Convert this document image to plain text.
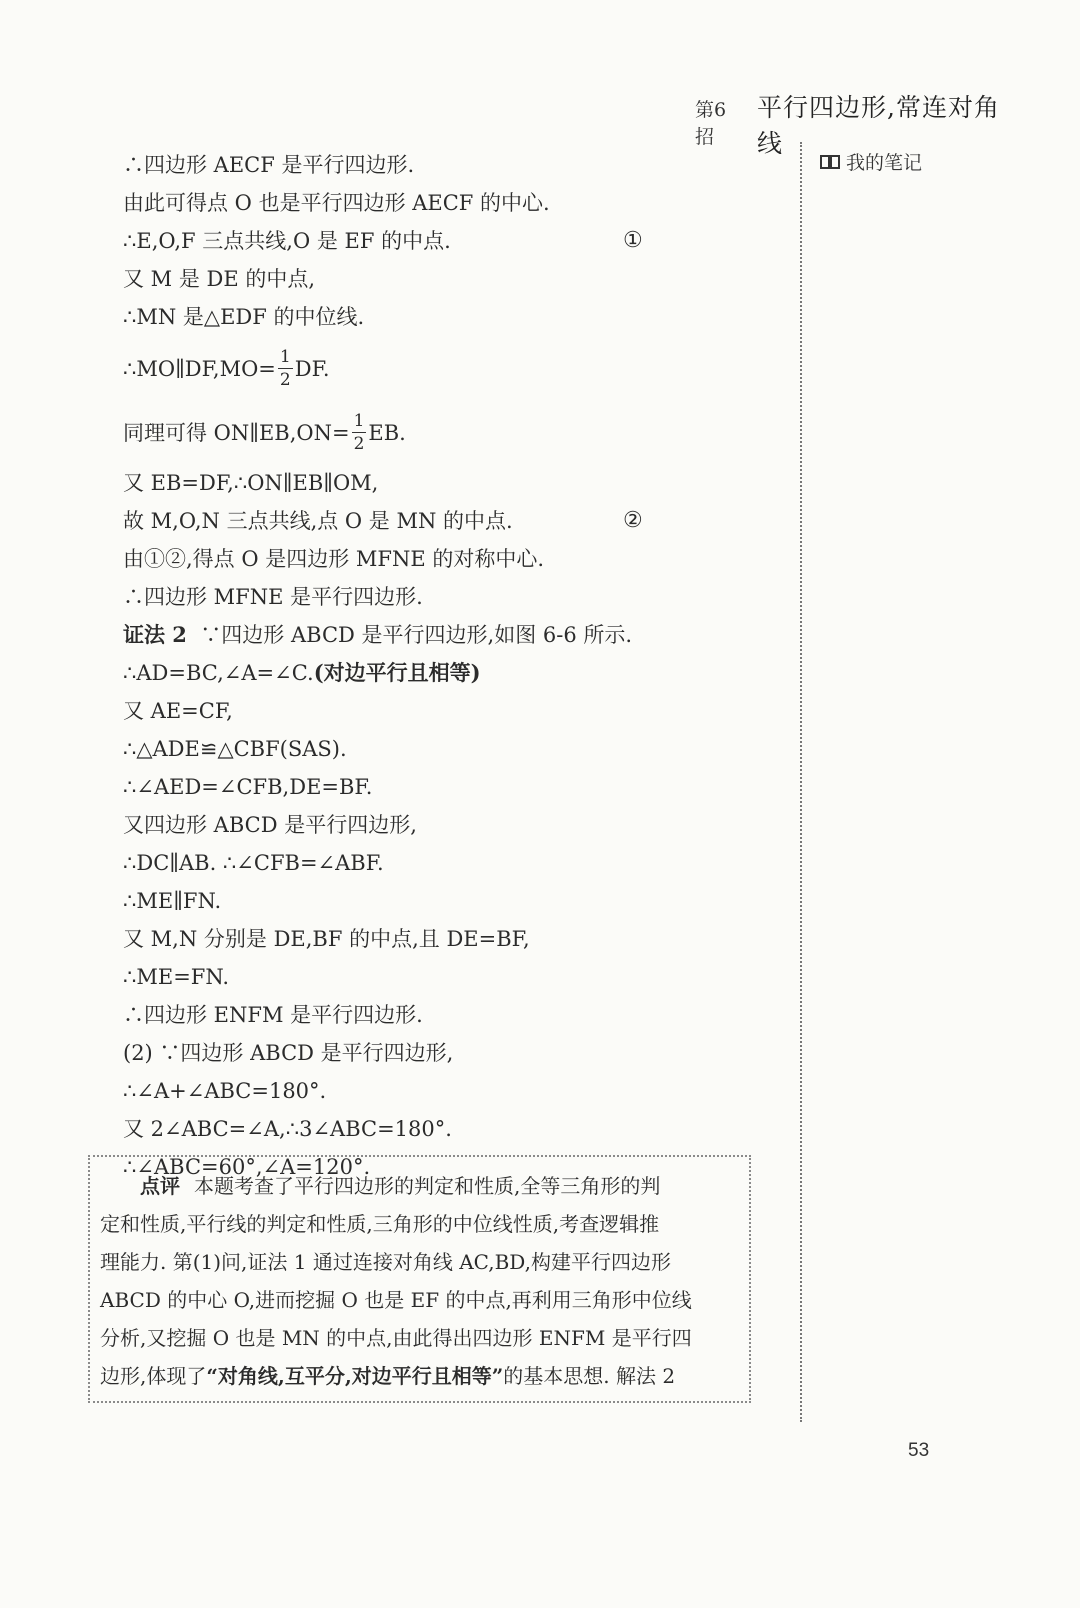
第6招
平行四边形,常连对角线
我的笔记
∴四边形 AECF 是平行四边形.
由此可得点 O 也是平行四边形 AECF 的中心.
∴E,O,F 三点共线,O 是 EF 的中点.	①
又 M 是 DE 的中点,
∴MN 是△EDF 的中位线.
∴MO∥DF,MO= $\frac{1}{2}$ DF.
同理可得 ON∥EB,ON= $\frac{1}{2}$ EB.
又 EB=DF,∴ON∥EB∥OM,
故 M,O,N 三点共线,点 O 是 MN 的中点.	②
由①②,得点 O 是四边形 MFNE 的对称中心.
∴四边形 MFNE 是平行四边形.
证法 2 ∵四边形 ABCD 是平行四边形,如图 6-6 所示.
∴AD=BC,∠A=∠C.(对边平行且相等)
又 AE=CF,
∴△ADE≌△CBF(SAS).
∴∠AED=∠CFB,DE=BF.
又四边形 ABCD 是平行四边形,
∴DC∥AB. ∴∠CFB=∠ABF.
∴ME∥FN.
又 M,N 分别是 DE,BF 的中点,且 DE=BF,
∴ME=FN.
∴四边形 ENFM 是平行四边形.
(2) ∵四边形 ABCD 是平行四边形,
∴∠A+∠ABC=180°.
又 2∠ABC=∠A,∴3∠ABC=180°.
∴∠ABC=60°,∠A=120°.
点评 本题考查了平行四边形的判定和性质,全等三角形的判
定和性质,平行线的判定和性质,三角形的中位线性质,考查逻辑推
理能力. 第(1)问,证法 1 通过连接对角线 AC,BD,构建平行四边形
ABCD 的中心 O,进而挖掘 O 也是 EF 的中点,再利用三角形中位线
分析,又挖掘 O 也是 MN 的中点,由此得出四边形 ENFM 是平行四
边形,体现了“对角线,互平分,对边平行且相等”的基本思想. 解法 2
53
